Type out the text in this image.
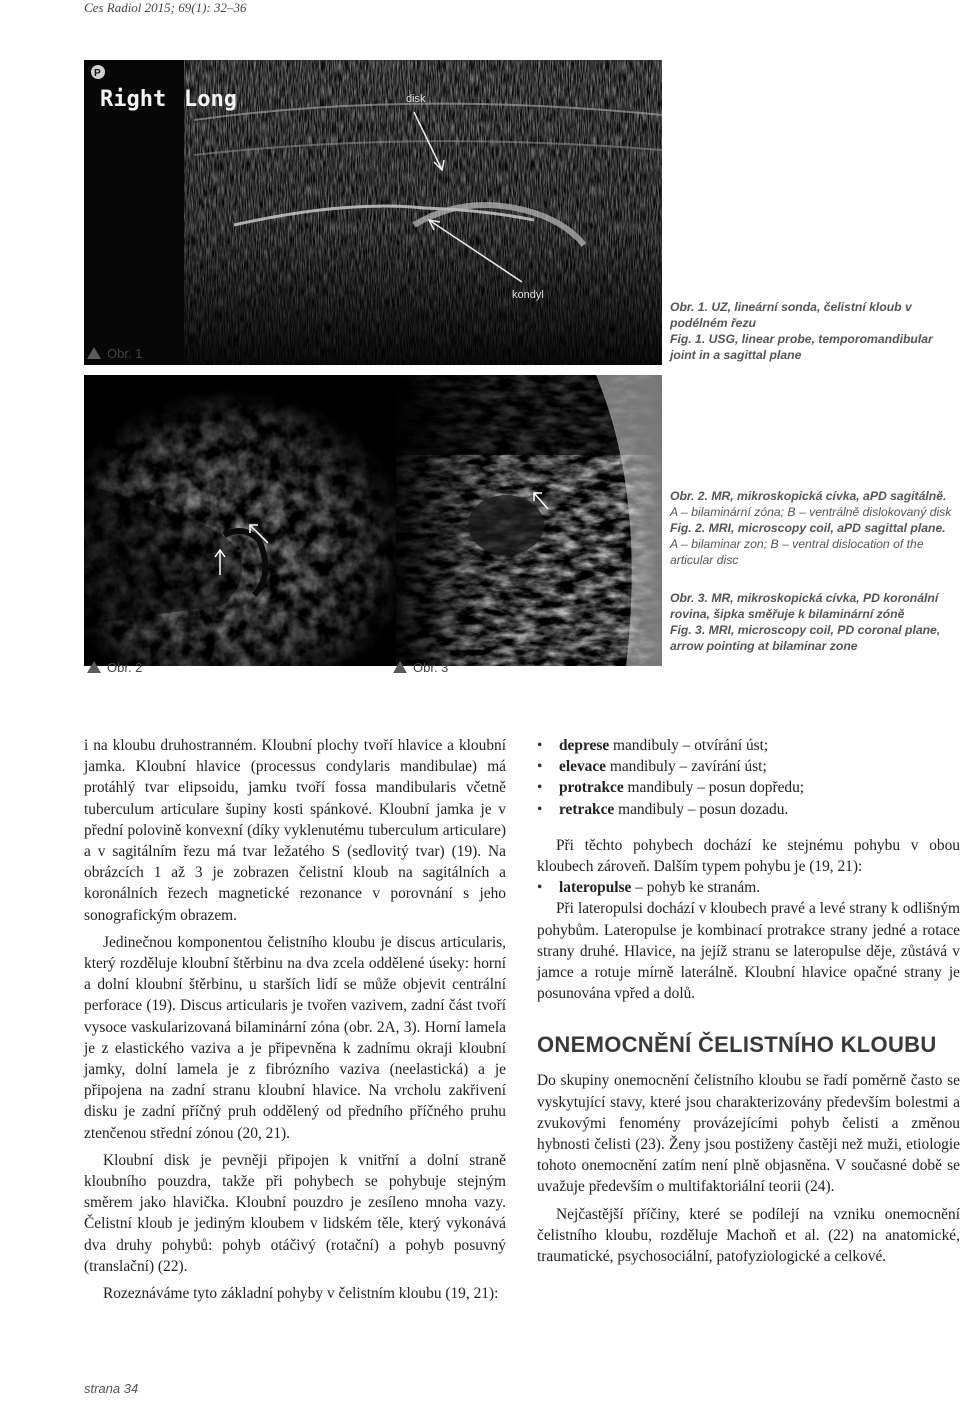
Ces Radiol 2015; 69(1): 32–36
P
Right Long	disk
kondyl
Obr. 1
Obr. 1. UZ, lineární sonda, čelistní kloub v podélném řezu
Fig. 1. USG, linear probe, temporomandibular joint in a sagittal plane
Obr. 2	Obr. 3
Obr. 2. MR, mikroskopická cívka, aPD sagitálně.
A – bilaminární zóna; B – ventrálně dislokovaný disk
Fig. 2. MRI, microscopy coil, aPD sagittal plane.
A – bilaminar zon; B – ventral dislocation of the articular disc
Obr. 3. MR, mikroskopická cívka, PD koronální rovina, šipka směřuje k bilaminární zóně
Fig. 3. MRI, microscopy coil, PD coronal plane, arrow pointing at bilaminar zone

i na kloubu druhostranném. Kloubní plochy tvoří hlavice a kloubní jamka. Kloubní hlavice (processus condylaris mandibulae) má protáhlý tvar elipsoidu, jamku tvoří fossa mandibularis včetně tuberculum articulare šupiny kosti spánkové. Kloubní jamka je v přední polovině konvexní (díky vyklenutému tuberculum articulare) a v sagitálním řezu má tvar ležatého S (sedlovitý tvar) (19). Na obrázcích 1 až 3 je zobrazen čelistní kloub na sagitálních a koronálních řezech magnetické rezonance v porovnání s jeho sonografickým obrazem.

Jedinečnou komponentou čelistního kloubu je discus articularis, který rozděluje kloubní štěrbinu na dva zcela oddělené úseky: horní a dolní kloubní štěrbinu, u starších lidí se může objevit centrální perforace (19). Discus articularis je tvořen vazivem, zadní část tvoří vysoce vaskularizovaná bilaminární zóna (obr. 2A, 3). Horní lamela je z elastického vaziva a je připevněna k zadnímu okraji kloubní jamky, dolní lamela je z fibrózního vaziva (neelastická) a je připojena na zadní stranu kloubní hlavice. Na vrcholu zakřivení disku je zadní příčný pruh oddělený od předního příčného pruhu ztenčenou střední zónou (20, 21).

Kloubní disk je pevněji připojen k vnitřní a dolní straně kloubního pouzdra, takže při pohybech se pohybuje stejným směrem jako hlavička. Kloubní pouzdro je zesíleno mnoha vazy. Čelistní kloub je jediným kloubem v lidském těle, který vykonává dva druhy pohybů: pohyb otáčivý (rotační) a pohyb posuvný (translační) (22).

Rozeznáváme tyto základní pohyby v čelistním kloubu (19, 21):

• deprese mandibuly – otvírání úst;
• elevace mandibuly – zavírání úst;
• protrakce mandibuly – posun dopředu;
• retrakce mandibuly – posun dozadu.

Při těchto pohybech dochází ke stejnému pohybu v obou kloubech zároveň. Dalším typem pohybu je (19, 21):

• lateropulse – pohyb ke stranám.

Při lateropulsi dochází v kloubech pravé a levé strany k odlišným pohybům. Lateropulse je kombinací protrakce strany jedné a rotace strany druhé. Hlavice, na jejíž stranu se lateropulse děje, zůstává v jamce a rotuje mírně laterálně. Kloubní hlavice opačné strany je posunována vpřed a dolů.

ONEMOCNĚNÍ ČELISTNÍHO KLOUBU

Do skupiny onemocnění čelistního kloubu se řadí poměrně často se vyskytující stavy, které jsou charakterizovány především bolestmi a zvukovými fenomény provázejícími pohyb čelisti a změnou hybnosti čelisti (23). Ženy jsou postiženy častěji než muži, etiologie tohoto onemocnění zatím není plně objasněna. V současné době se uvažuje především o multifaktoriální teorii (24).

Nejčastější příčiny, které se podílejí na vzniku onemocnění čelistního kloubu, rozděluje Machoň et al. (22) na anatomické, traumatické, psychosociální, patofyziologické a celkové.

strana 34
